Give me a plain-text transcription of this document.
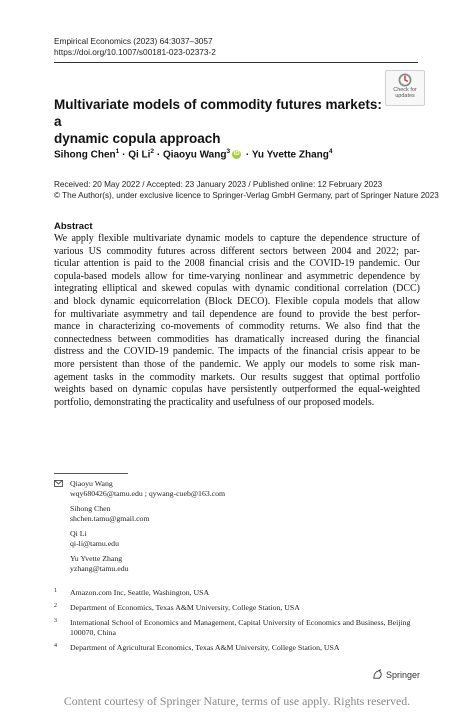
Empirical Economics (2023) 64:3037–3057
https://doi.org/10.1007/s00181-023-02373-2
Check for
updates
Multivariate models of commodity futures markets: a
dynamic copula approach
Sihong Chen$^1$ · Qi $Li^2$ · Qiaoyu Wang$^3$ iD · Yu Yvette Zhang$^4$
Received: 20 May 2022 / Accepted: 23 January 2023 / Published online: 12 February 2023
© The Author(s), under exclusive licence to Springer-Verlag GmbH Germany, part of Springer Nature 2023
Abstract
We apply flexible multivariate dynamic models to capture the dependence structure of
various US commodity futures across different sectors between 2004 and 2022; par-
ticular attention is paid to the 2008 financial crisis and the COVID-19 pandemic. Our
copula-based models allow for time-varying nonlinear and asymmetric dependence by
integrating elliptical and skewed copulas with dynamic conditional correlation (DCC)
and block dynamic equicorrelation (Block DECO). Flexible copula models that allow
for multivariate asymmetry and tail dependence are found to provide the best perfor-
mance in characterizing co-movements of commodity returns. We also find that the
connectedness between commodities has dramatically increased during the financial
distress and the COVID-19 pandemic. The impacts of the financial crisis appear to be
more persistent than those of the pandemic. We apply our models to some risk man-
agement tasks in the commodity markets. Our results suggest that optimal portfolio
weights based on dynamic copulas have persistently outperformed the equal-weighted
portfolio, demonstrating the practicality and usefulness of our proposed models.
Qiaoyu Wang
wqy680426@tamu.edu ; qywang-cueb@163.com
Sihong Chen
shchen.tamu@gmail.com
Qi Li
qi-li@tamu.edu
Yu Yvette Zhang
yzhang@tamu.edu
1 Amazon.com Inc, Seattle, Washington, USA
2 Department of Economics, Texas A&M University, College Station, USA
3 International School of Economics and Management, Capital University of Economics and Business, Beijing 100070, China
4 Department of Agricultural Economics, Texas A&M University, College Station, USA
Springer
Content courtesy of Springer Nature, terms of use apply. Rights reserved.
